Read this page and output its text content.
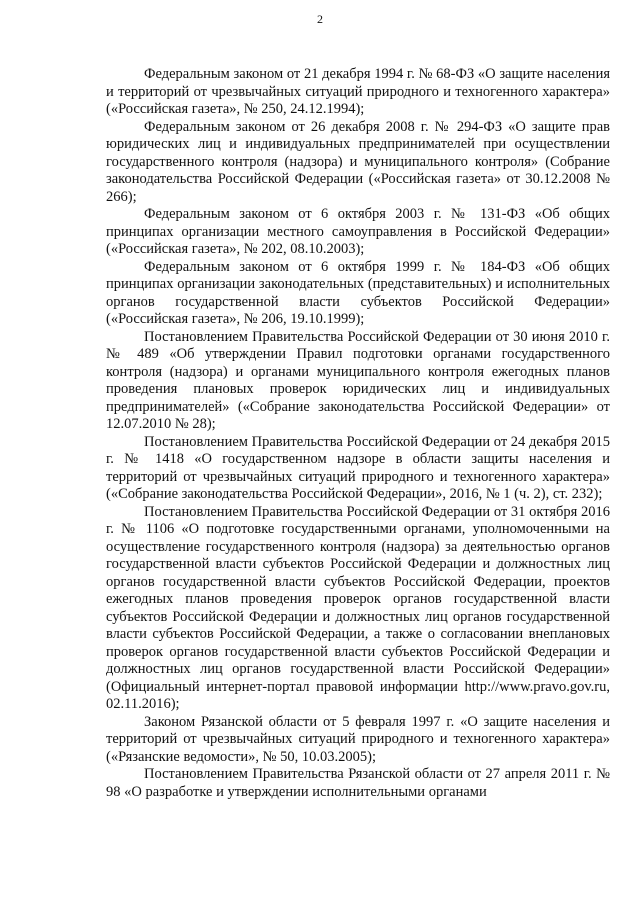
2

Федеральным законом от 21 декабря 1994 г. № 68-ФЗ «О защите населения и территорий от чрезвычайных ситуаций природного и техногенного характера» («Российская газета», № 250, 24.12.1994);

Федеральным законом от 26 декабря 2008 г. № 294-ФЗ «О защите прав юридических лиц и индивидуальных предпринимателей при осуществлении государственного контроля (надзора) и муниципального контроля» (Собрание законодательства Российской Федерации («Российская газета» от 30.12.2008 № 266);

Федеральным законом от 6 октября 2003 г. № 131-ФЗ «Об общих принципах организации местного самоуправления в Российской Федерации» («Российская газета», № 202, 08.10.2003);

Федеральным законом от 6 октября 1999 г. № 184-ФЗ «Об общих принципах организации законодательных (представительных) и исполнительных органов государственной власти субъектов Российской Федерации» («Российская газета», № 206, 19.10.1999);

Постановлением Правительства Российской Федерации от 30 июня 2010 г. № 489 «Об утверждении Правил подготовки органами государственного контроля (надзора) и органами муниципального контроля ежегодных планов проведения плановых проверок юридических лиц и индивидуальных предпринимателей» («Собрание законодательства Российской Федерации» от 12.07.2010 № 28);

Постановлением Правительства Российской Федерации от 24 декабря 2015 г. № 1418 «О государственном надзоре в области защиты населения и территорий от чрезвычайных ситуаций природного и техногенного характера» («Собрание законодательства Российской Федерации», 2016, № 1 (ч. 2), ст. 232);

Постановлением Правительства Российской Федерации от 31 октября 2016 г. № 1106 «О подготовке государственными органами, уполномоченными на осуществление государственного контроля (надзора) за деятельностью органов государственной власти субъектов Российской Федерации и должностных лиц органов государственной власти субъектов Российской Федерации, проектов ежегодных планов проведения проверок органов государственной власти субъектов Российской Федерации и должностных лиц органов государственной власти субъектов Российской Федерации, а также о согласовании внеплановых проверок органов государственной власти субъектов Российской Федерации и должностных лиц органов государственной власти Российской Федерации» (Официальный интернет-портал правовой информации http://www.pravo.gov.ru, 02.11.2016);

Законом Рязанской области от 5 февраля 1997 г. «О защите населения и территорий от чрезвычайных ситуаций природного и техногенного характера» («Рязанские ведомости», № 50, 10.03.2005);

Постановлением Правительства Рязанской области от 27 апреля 2011 г. № 98 «О разработке и утверждении исполнительными органами
